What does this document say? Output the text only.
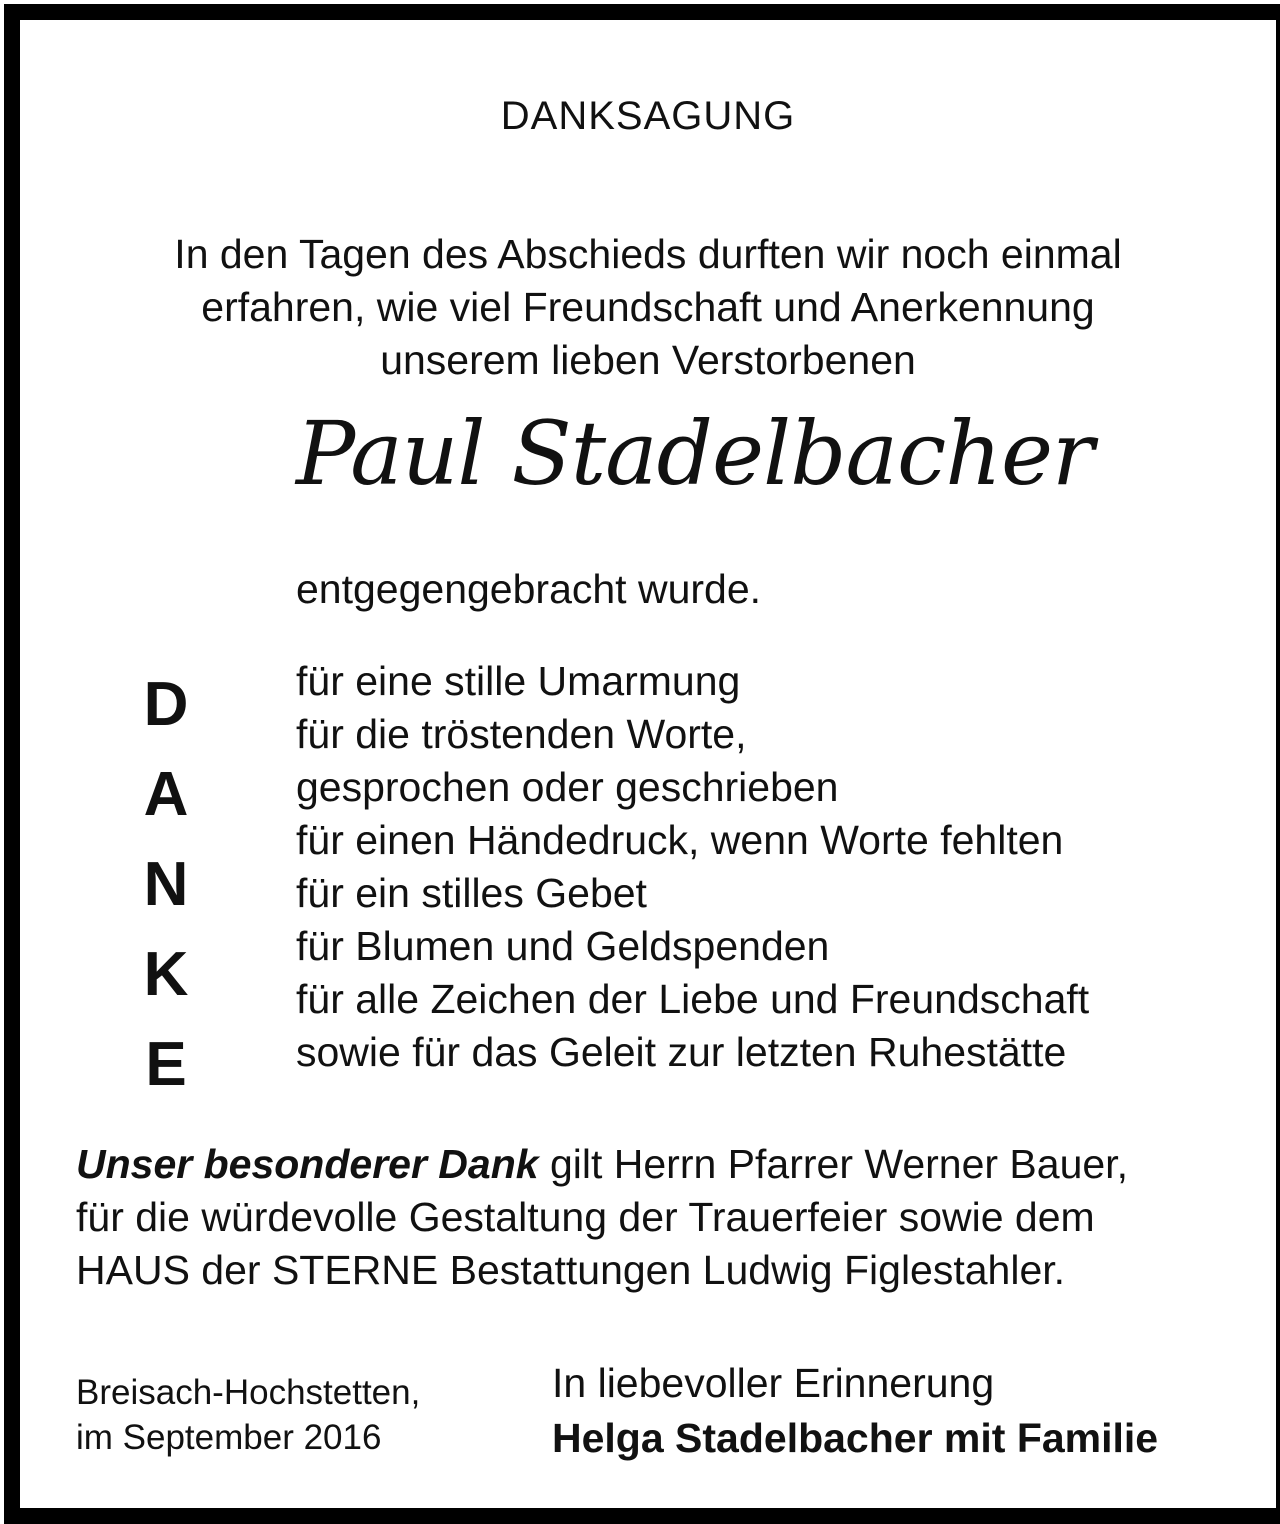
DANKSAGUNG
In den Tagen des Abschieds durften wir noch einmal
erfahren, wie viel Freundschaft und Anerkennung
unserem lieben Verstorbenen
Paul Stadelbacher
entgegengebracht wurde.
D
A
N
K
E
für eine stille Umarmung
für die tröstenden Worte,
gesprochen oder geschrieben
für einen Händedruck, wenn Worte fehlten
für ein stilles Gebet
für Blumen und Geldspenden
für alle Zeichen der Liebe und Freundschaft
sowie für das Geleit zur letzten Ruhestätte
Unser besonderer Dank gilt Herrn Pfarrer Werner Bauer,
für die würdevolle Gestaltung der Trauerfeier sowie dem
HAUS der STERNE Bestattungen Ludwig Figlestahler.
Breisach-Hochstetten,
im September 2016
In liebevoller Erinnerung
Helga Stadelbacher mit Familie
